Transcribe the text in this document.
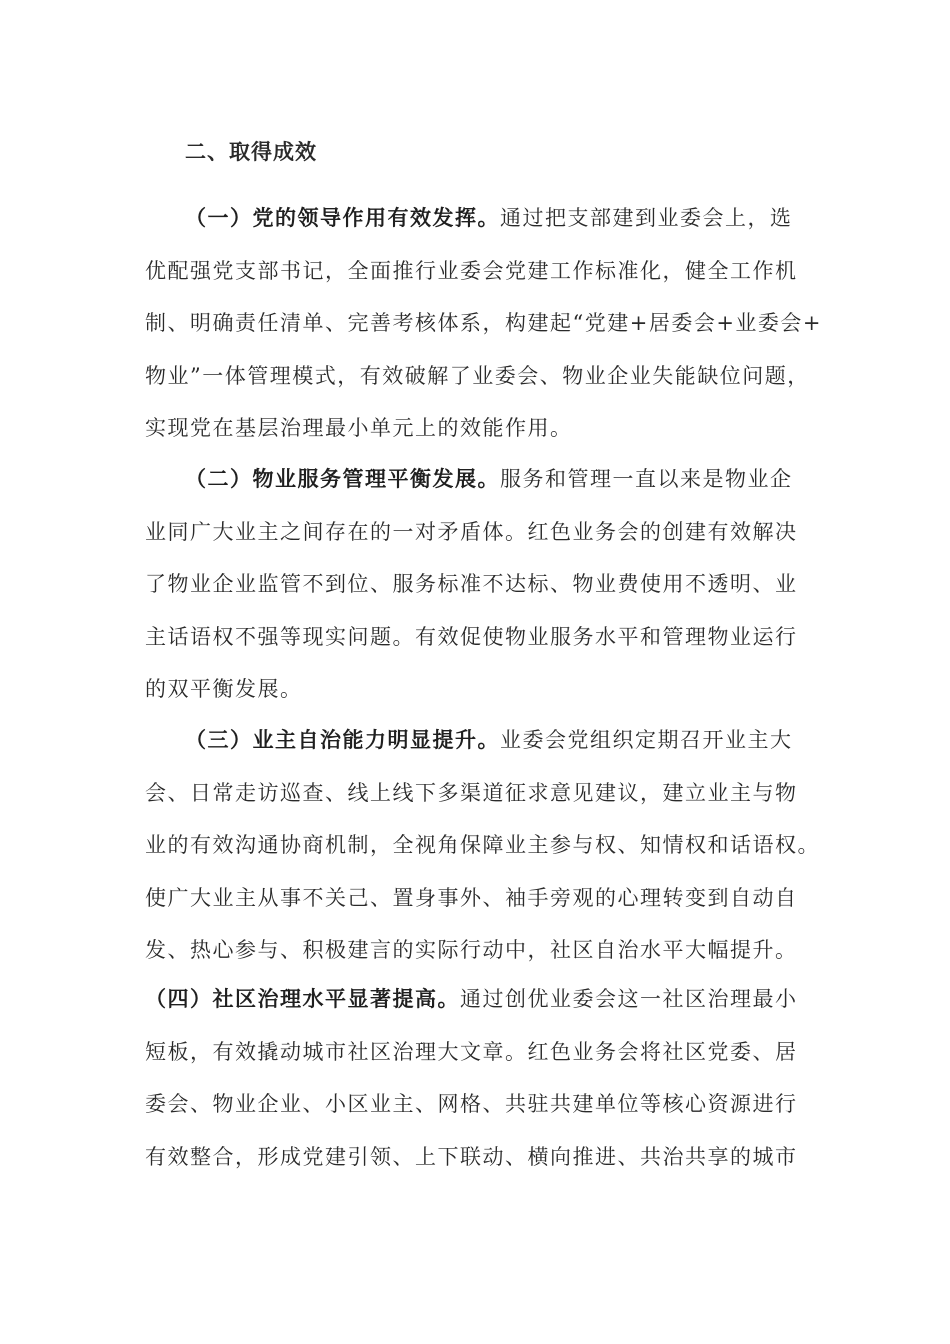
二、取得成效
（一）党的领导作用有效发挥。通过把支部建到业委会上，选
优配强党支部书记，全面推行业委会党建工作标准化，健全工作机
制、明确责任清单、完善考核体系，构建起“党建+居委会+业委会+
物业”一体管理模式，有效破解了业委会、物业企业失能缺位问题，
实现党在基层治理最小单元上的效能作用。
（二）物业服务管理平衡发展。服务和管理一直以来是物业企
业同广大业主之间存在的一对矛盾体。红色业务会的创建有效解决
了物业企业监管不到位、服务标准不达标、物业费使用不透明、业
主话语权不强等现实问题。有效促使物业服务水平和管理物业运行
的双平衡发展。
（三）业主自治能力明显提升。业委会党组织定期召开业主大
会、日常走访巡查、线上线下多渠道征求意见建议，建立业主与物
业的有效沟通协商机制，全视角保障业主参与权、知情权和话语权。
使广大业主从事不关己、置身事外、袖手旁观的心理转变到自动自
发、热心参与、积极建言的实际行动中，社区自治水平大幅提升。
（四）社区治理水平显著提高。通过创优业委会这一社区治理最小
短板，有效撬动城市社区治理大文章。红色业务会将社区党委、居
委会、物业企业、小区业主、网格、共驻共建单位等核心资源进行
有效整合，形成党建引领、上下联动、横向推进、共治共享的城市
